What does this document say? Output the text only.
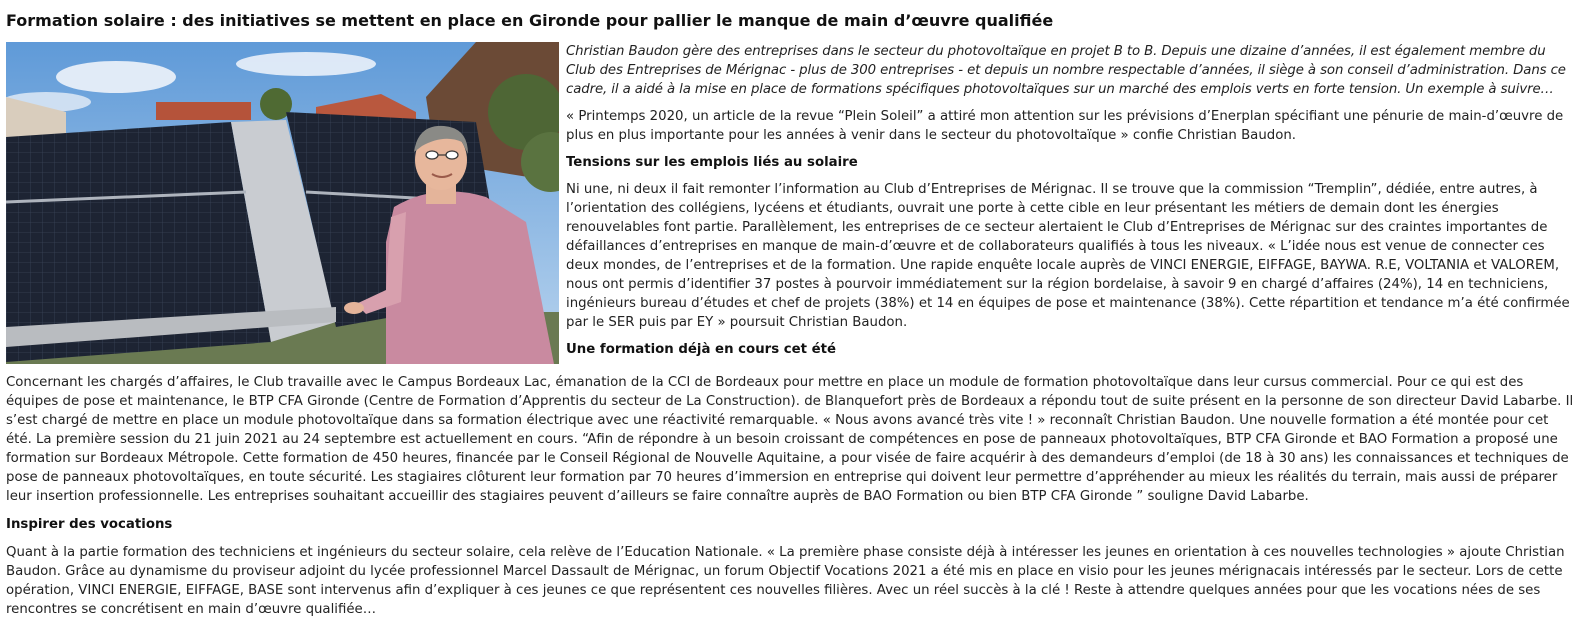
Formation solaire : des initiatives se mettent en place en Gironde pour pallier le manque de main d’œuvre qualifiée

Christian Baudon gère des entreprises dans le secteur du photovoltaïque en projet B to B. Depuis une dizaine d’années, il est également membre du Club des Entreprises de Mérignac - plus de 300 entreprises - et depuis un nombre respectable d’années, il siège à son conseil d’administration. Dans ce cadre, il a aidé à la mise en place de formations spécifiques photovoltaïques sur un marché des emplois verts en forte tension. Un exemple à suivre…

« Printemps 2020, un article de la revue “Plein Soleil” a attiré mon attention sur les prévisions d’Enerplan spécifiant une pénurie de main-d’œuvre de plus en plus importante pour les années à venir dans le secteur du photovoltaïque » confie Christian Baudon.

Tensions sur les emplois liés au solaire

Ni une, ni deux il fait remonter l’information au Club d’Entreprises de Mérignac. Il se trouve que la commission “Tremplin”, dédiée, entre autres, à l’orientation des collégiens, lycéens et étudiants, ouvrait une porte à cette cible en leur présentant les métiers de demain dont les énergies renouvelables font partie. Parallèlement, les entreprises de ce secteur alertaient le Club d’Entreprises de Mérignac sur des craintes importantes de défaillances d’entreprises en manque de main-d’œuvre et de collaborateurs qualifiés à tous les niveaux. « L’idée nous est venue de connecter ces deux mondes, de l’entreprises et de la formation. Une rapide enquête locale auprès de VINCI ENERGIE, EIFFAGE, BAYWA. R.E, VOLTANIA et VALOREM, nous ont permis d’identifier 37 postes à pourvoir immédiatement sur la région bordelaise, à savoir 9 en chargé d’affaires (24%), 14 en techniciens, ingénieurs bureau d’études et chef de projets (38%) et 14 en équipes de pose et maintenance (38%). Cette répartition et tendance m’a été confirmée par le SER puis par EY » poursuit Christian Baudon.

Une formation déjà en cours cet été

Concernant les chargés d’affaires, le Club travaille avec le Campus Bordeaux Lac, émanation de la CCI de Bordeaux pour mettre en place un module de formation photovoltaïque dans leur cursus commercial. Pour ce qui est des équipes de pose et maintenance, le BTP CFA Gironde (Centre de Formation d’Apprentis du secteur de La Construction). de Blanquefort près de Bordeaux a répondu tout de suite présent en la personne de son directeur David Labarbe. Il s’est chargé de mettre en place un module photovoltaïque dans sa formation électrique avec une réactivité remarquable. « Nous avons avancé très vite ! » reconnaît Christian Baudon. Une nouvelle formation a été montée pour cet été. La première session du 21 juin 2021 au 24 septembre est actuellement en cours. “Afin de répondre à un besoin croissant de compétences en pose de panneaux photovoltaïques, BTP CFA Gironde et BAO Formation a proposé une formation sur Bordeaux Métropole. Cette formation de 450 heures, financée par le Conseil Régional de Nouvelle Aquitaine, a pour visée de faire acquérir à des demandeurs d’emploi (de 18 à 30 ans) les connaissances et techniques de pose de panneaux photovoltaïques, en toute sécurité. Les stagiaires clôturent leur formation par 70 heures d’immersion en entreprise qui doivent leur permettre d’appréhender au mieux les réalités du terrain, mais aussi de préparer leur insertion professionnelle. Les entreprises souhaitant accueillir des stagiaires peuvent d’ailleurs se faire connaître auprès de BAO Formation ou bien BTP CFA Gironde ” souligne David Labarbe.

Inspirer des vocations

Quant à la partie formation des techniciens et ingénieurs du secteur solaire, cela relève de l’Education Nationale. « La première phase consiste déjà à intéresser les jeunes en orientation à ces nouvelles technologies » ajoute Christian Baudon. Grâce au dynamisme du proviseur adjoint du lycée professionnel Marcel Dassault de Mérignac, un forum Objectif Vocations 2021 a été mis en place en visio pour les jeunes mérignacais intéressés par le secteur. Lors de cette opération, VINCI ENERGIE, EIFFAGE, BASE sont intervenus afin d’expliquer à ces jeunes ce que représentent ces nouvelles filières. Avec un réel succès à la clé ! Reste à attendre quelques années pour que les vocations nées de ses rencontres se concrétisent en main d’œuvre qualifiée…
